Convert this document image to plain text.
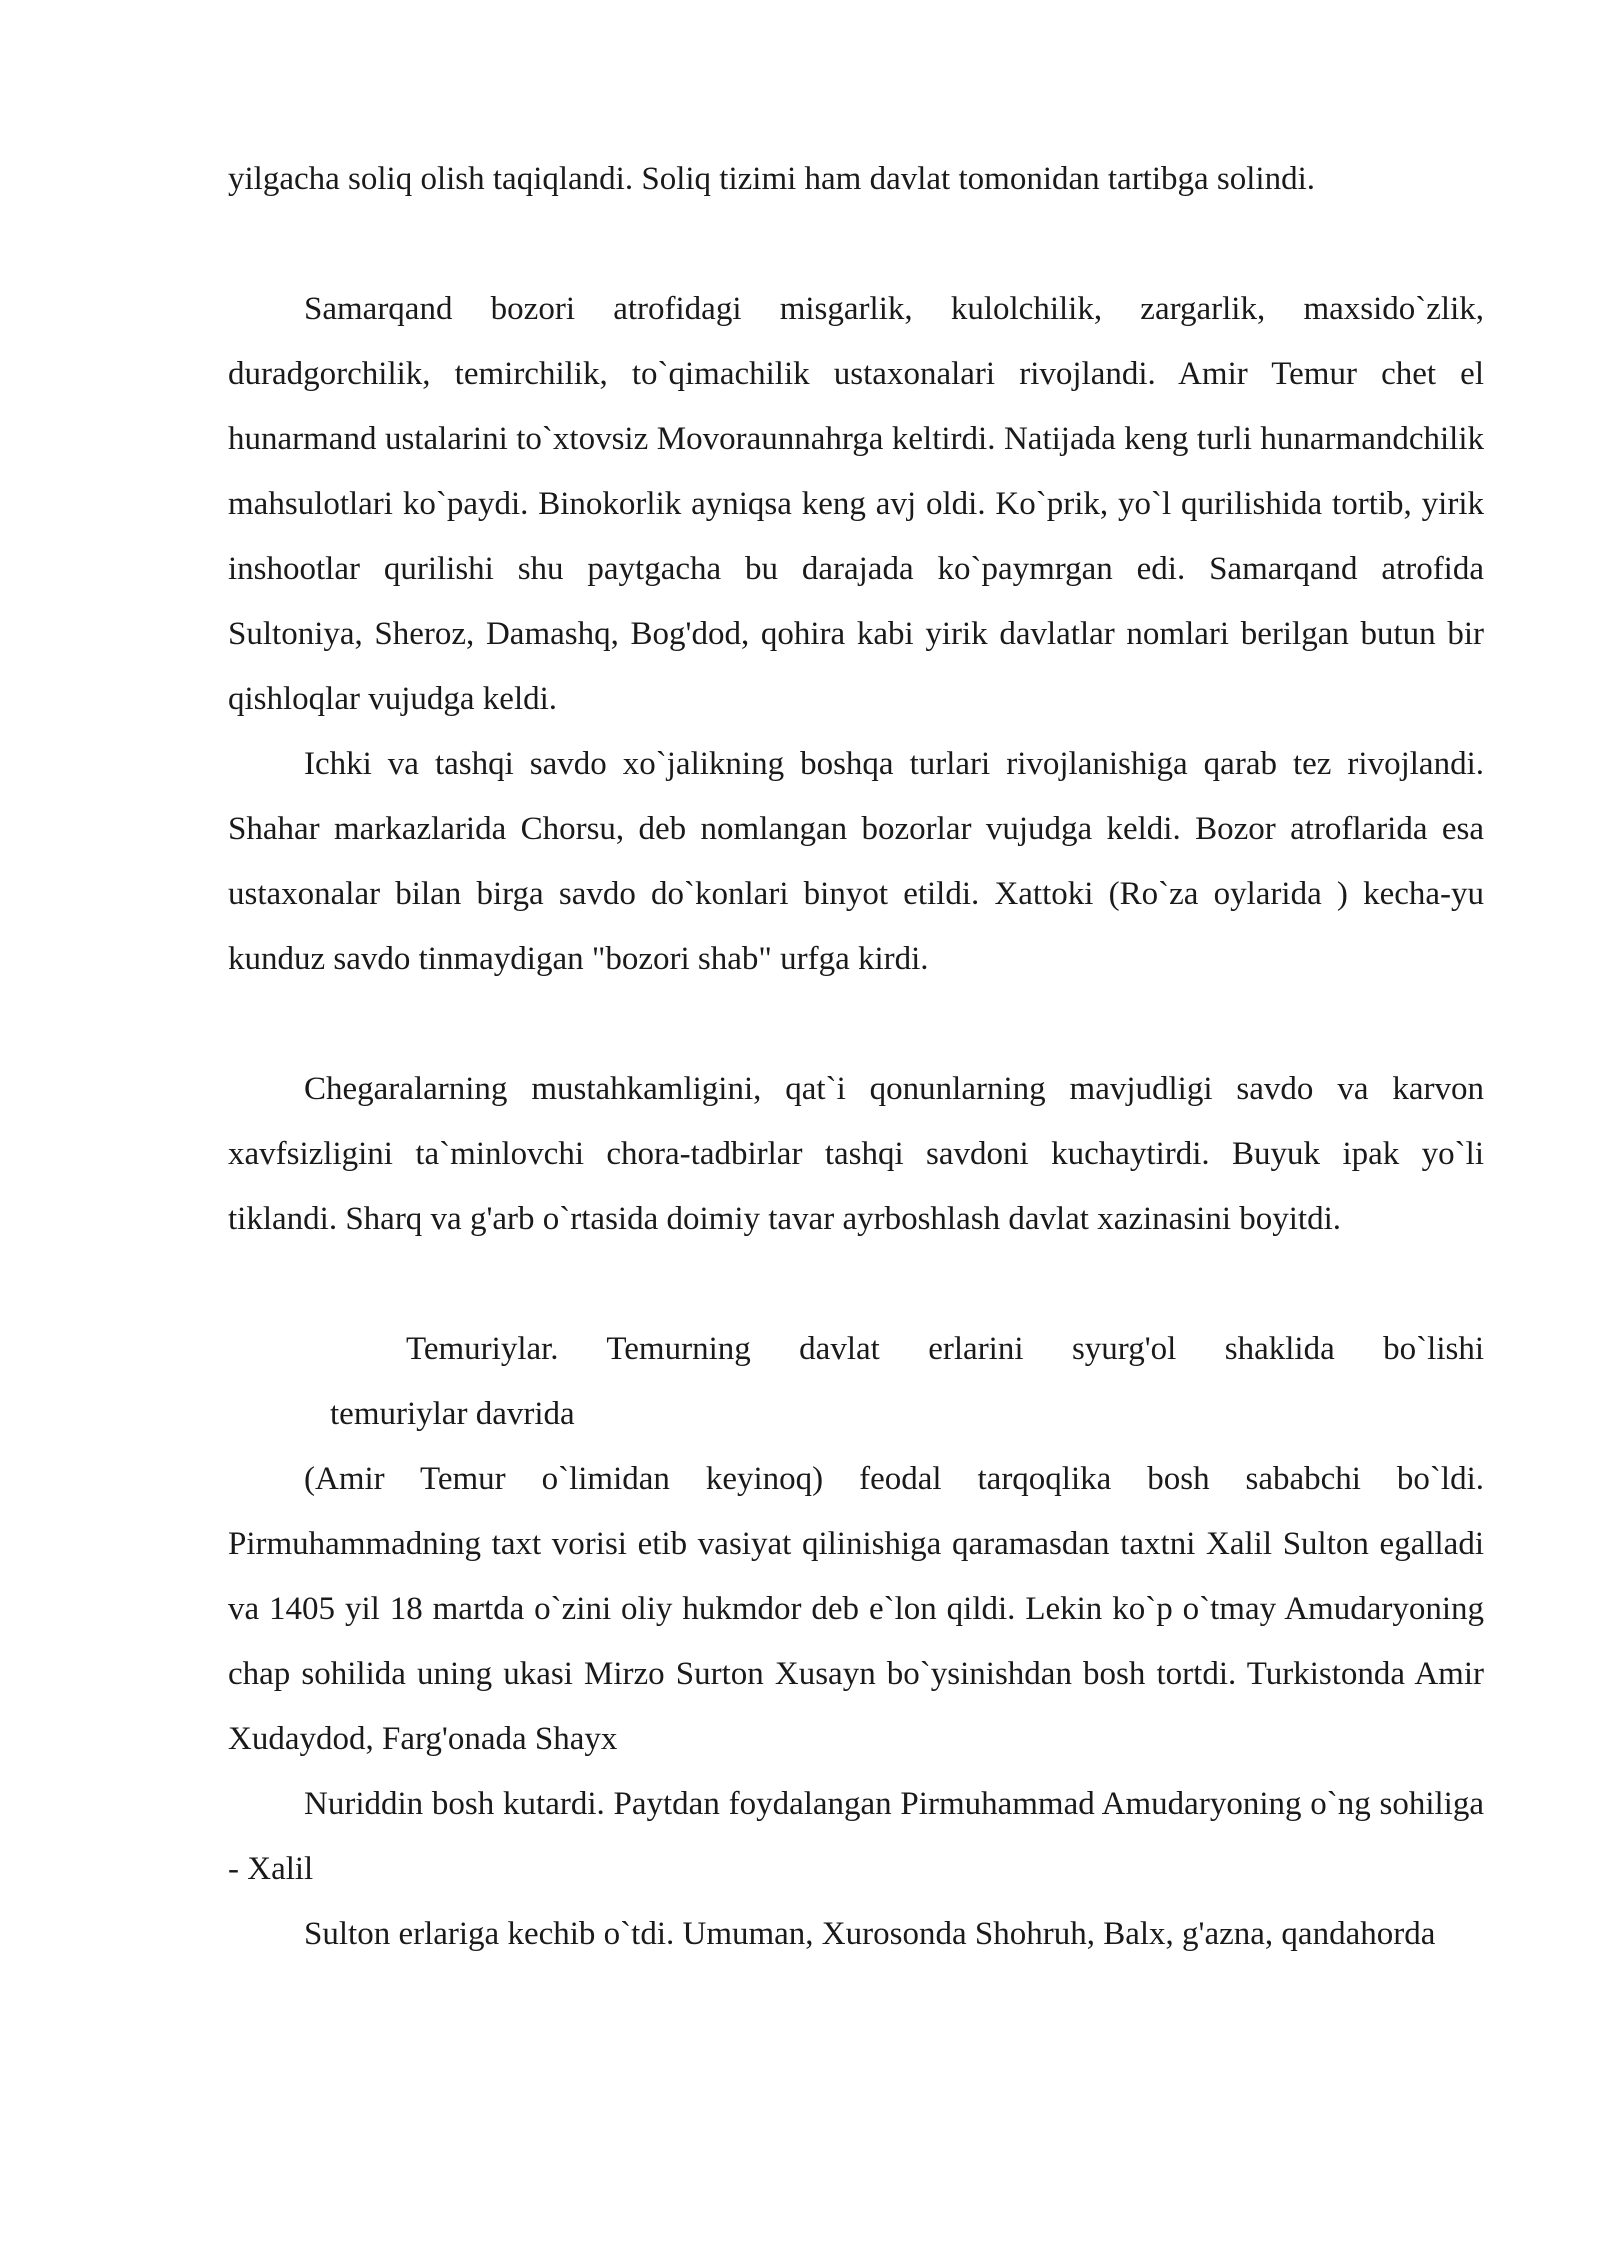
yilgacha soliq olish taqiqlandi. Soliq tizimi ham davlat tomonidan tartibga solindi.

Samarqand bozori atrofidagi misgarlik, kulolchilik, zargarlik, maxsido`zlik, duradgorchilik, temirchilik, to`qimachilik ustaxonalari rivojlandi. Amir Temur chet el hunarmand ustalarini to`xtovsiz Movoraunnahrga keltirdi. Natijada keng turli hunarmandchilik mahsulotlari ko`paydi. Binokorlik ayniqsa keng avj oldi. Ko`prik, yo`l qurilishida tortib, yirik inshootlar qurilishi shu paytgacha bu darajada ko`paymrgan edi. Samarqand atrofida Sultoniya, Sheroz, Damashq, Bog'dod, qohira kabi yirik davlatlar nomlari berilgan butun bir qishloqlar vujudga keldi.

Ichki va tashqi savdo xo`jalikning boshqa turlari rivojlanishiga qarab tez rivojlandi. Shahar markazlarida Chorsu, deb nomlangan bozorlar vujudga keldi. Bozor atroflarida esa ustaxonalar bilan birga savdo do`konlari binyot etildi. Xattoki (Ro`za oylarida ) kecha-yu kunduz savdo tinmaydigan "bozori shab" urfga kirdi.

Chegaralarning mustahkamligini, qat`i qonunlarning mavjudligi savdo va karvon xavfsizligini ta`minlovchi chora-tadbirlar tashqi savdoni kuchaytirdi. Buyuk ipak yo`li tiklandi. Sharq va g'arb o`rtasida doimiy tavar ayrboshlash davlat xazinasini boyitdi.

Temuriylar. Temurning davlat erlarini syurg'ol shaklida bo`lishi
temuriylar davrida

(Amir Temur o`limidan keyinoq) feodal tarqoqlika bosh sababchi bo`ldi. Pirmuhammadning taxt vorisi etib vasiyat qilinishiga qaramasdan taxtni Xalil Sulton egalladi va 1405 yil 18 martda o`zini oliy hukmdor deb e`lon qildi. Lekin ko`p o`tmay Amudaryoning chap sohilida uning ukasi Mirzo Surton Xusayn bo`ysinishdan bosh tortdi. Turkistonda Amir Xudaydod, Farg'onada Shayx

Nuriddin bosh kutardi. Paytdan foydalangan Pirmuhammad Amudaryoning o`ng sohiliga - Xalil

Sulton erlariga kechib o`tdi. Umuman, Xurosonda Shohruh, Balx, g'azna, qandahorda
